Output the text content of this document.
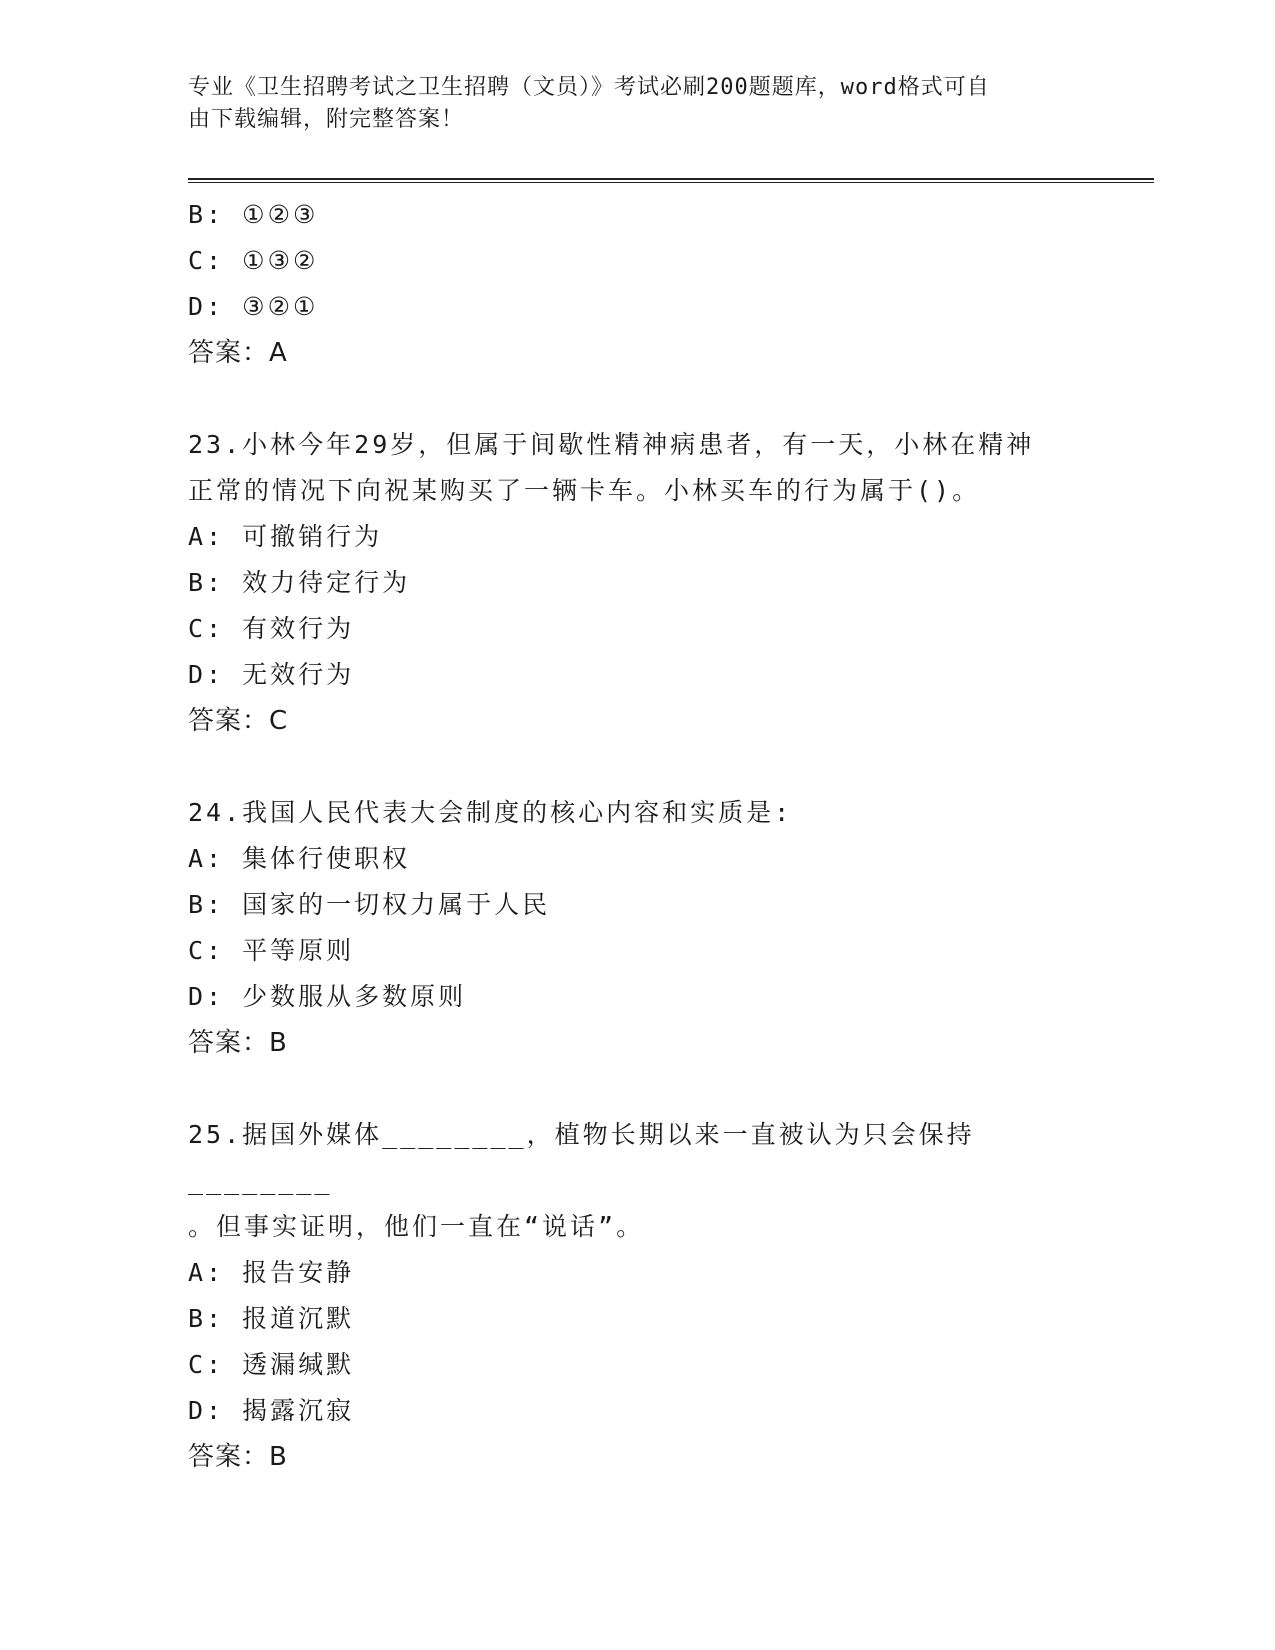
专业《卫生招聘考试之卫生招聘（文员）》考试必刷200题题库，word格式可自
由下载编辑，附完整答案！
B: ①②③
C: ①③②
D: ③②①
答案：A
23.小林今年29岁，但属于间歇性精神病患者，有一天，小林在精神
正常的情况下向祝某购买了一辆卡车。小林买车的行为属于()。
A: 可撤销行为
B: 效力待定行为
C: 有效行为
D: 无效行为
答案：C
24.我国人民代表大会制度的核心内容和实质是:
A: 集体行使职权
B: 国家的一切权力属于人民
C: 平等原则
D: 少数服从多数原则
答案：B
25.据国外媒体________，植物长期以来一直被认为只会保持________
。但事实证明，他们一直在“说话”。
A: 报告安静
B: 报道沉默
C: 透漏缄默
D: 揭露沉寂
答案：B
